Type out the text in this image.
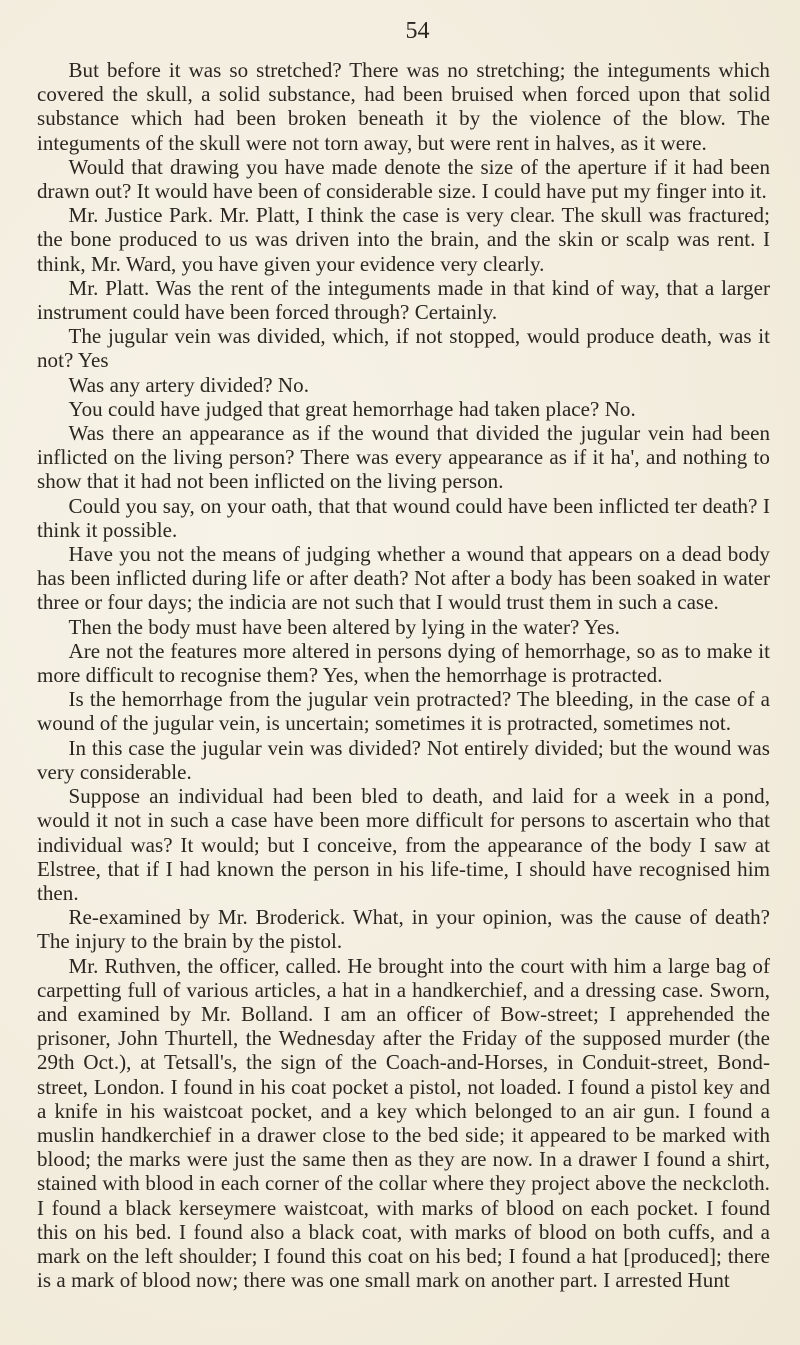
54

But before it was so stretched? There was no stretching; the integuments which covered the skull, a solid substance, had been bruised when forced upon that solid substance which had been broken beneath it by the violence of the blow. The integuments of the skull were not torn away, but were rent in halves, as it were.

Would that drawing you have made denote the size of the aperture if it had been drawn out? It would have been of considerable size. I could have put my finger into it.

Mr. Justice Park. Mr. Platt, I think the case is very clear. The skull was fractured; the bone produced to us was driven into the brain, and the skin or scalp was rent. I think, Mr. Ward, you have given your evidence very clearly.

Mr. Platt. Was the rent of the integuments made in that kind of way, that a larger instrument could have been forced through? Certainly.

The jugular vein was divided, which, if not stopped, would produce death, was it not? Yes

Was any artery divided? No.

You could have judged that great hemorrhage had taken place? No.

Was there an appearance as if the wound that divided the jugular vein had been inflicted on the living person? There was every appearance as if it ha', and nothing to show that it had not been inflicted on the living person.

Could you say, on your oath, that that wound could have been inflicted ter death? I think it possible.

Have you not the means of judging whether a wound that appears on a dead body has been inflicted during life or after death? Not after a body has been soaked in water three or four days; the indicia are not such that I would trust them in such a case.

Then the body must have been altered by lying in the water? Yes.

Are not the features more altered in persons dying of hemorrhage, so as to make it more difficult to recognise them? Yes, when the hemorrhage is protracted.

Is the hemorrhage from the jugular vein protracted? The bleeding, in the case of a wound of the jugular vein, is uncertain; sometimes it is protracted, sometimes not.

In this case the jugular vein was divided? Not entirely divided; but the wound was very considerable.

Suppose an individual had been bled to death, and laid for a week in a pond, would it not in such a case have been more difficult for persons to ascertain who that individual was? It would; but I conceive, from the appearance of the body I saw at Elstree, that if I had known the person in his life-time, I should have recognised him then.

Re-examined by Mr. Broderick. What, in your opinion, was the cause of death? The injury to the brain by the pistol.

Mr. Ruthven, the officer, called. He brought into the court with him a large bag of carpetting full of various articles, a hat in a handkerchief, and a dressing case. Sworn, and examined by Mr. Bolland. I am an officer of Bow-street; I apprehended the prisoner, John Thurtell, the Wednesday after the Friday of the supposed murder (the 29th Oct.), at Tetsall's, the sign of the Coach-and-Horses, in Conduit-street, Bond-street, London. I found in his coat pocket a pistol, not loaded. I found a pistol key and a knife in his waistcoat pocket, and a key which belonged to an air gun. I found a muslin handkerchief in a drawer close to the bed side; it appeared to be marked with blood; the marks were just the same then as they are now. In a drawer I found a shirt, stained with blood in each corner of the collar where they project above the neckcloth. I found a black kerseymere waistcoat, with marks of blood on each pocket. I found this on his bed. I found also a black coat, with marks of blood on both cuffs, and a mark on the left shoulder; I found this coat on his bed; I found a hat [produced]; there is a mark of blood now; there was one small mark on another part. I arrested Hunt
